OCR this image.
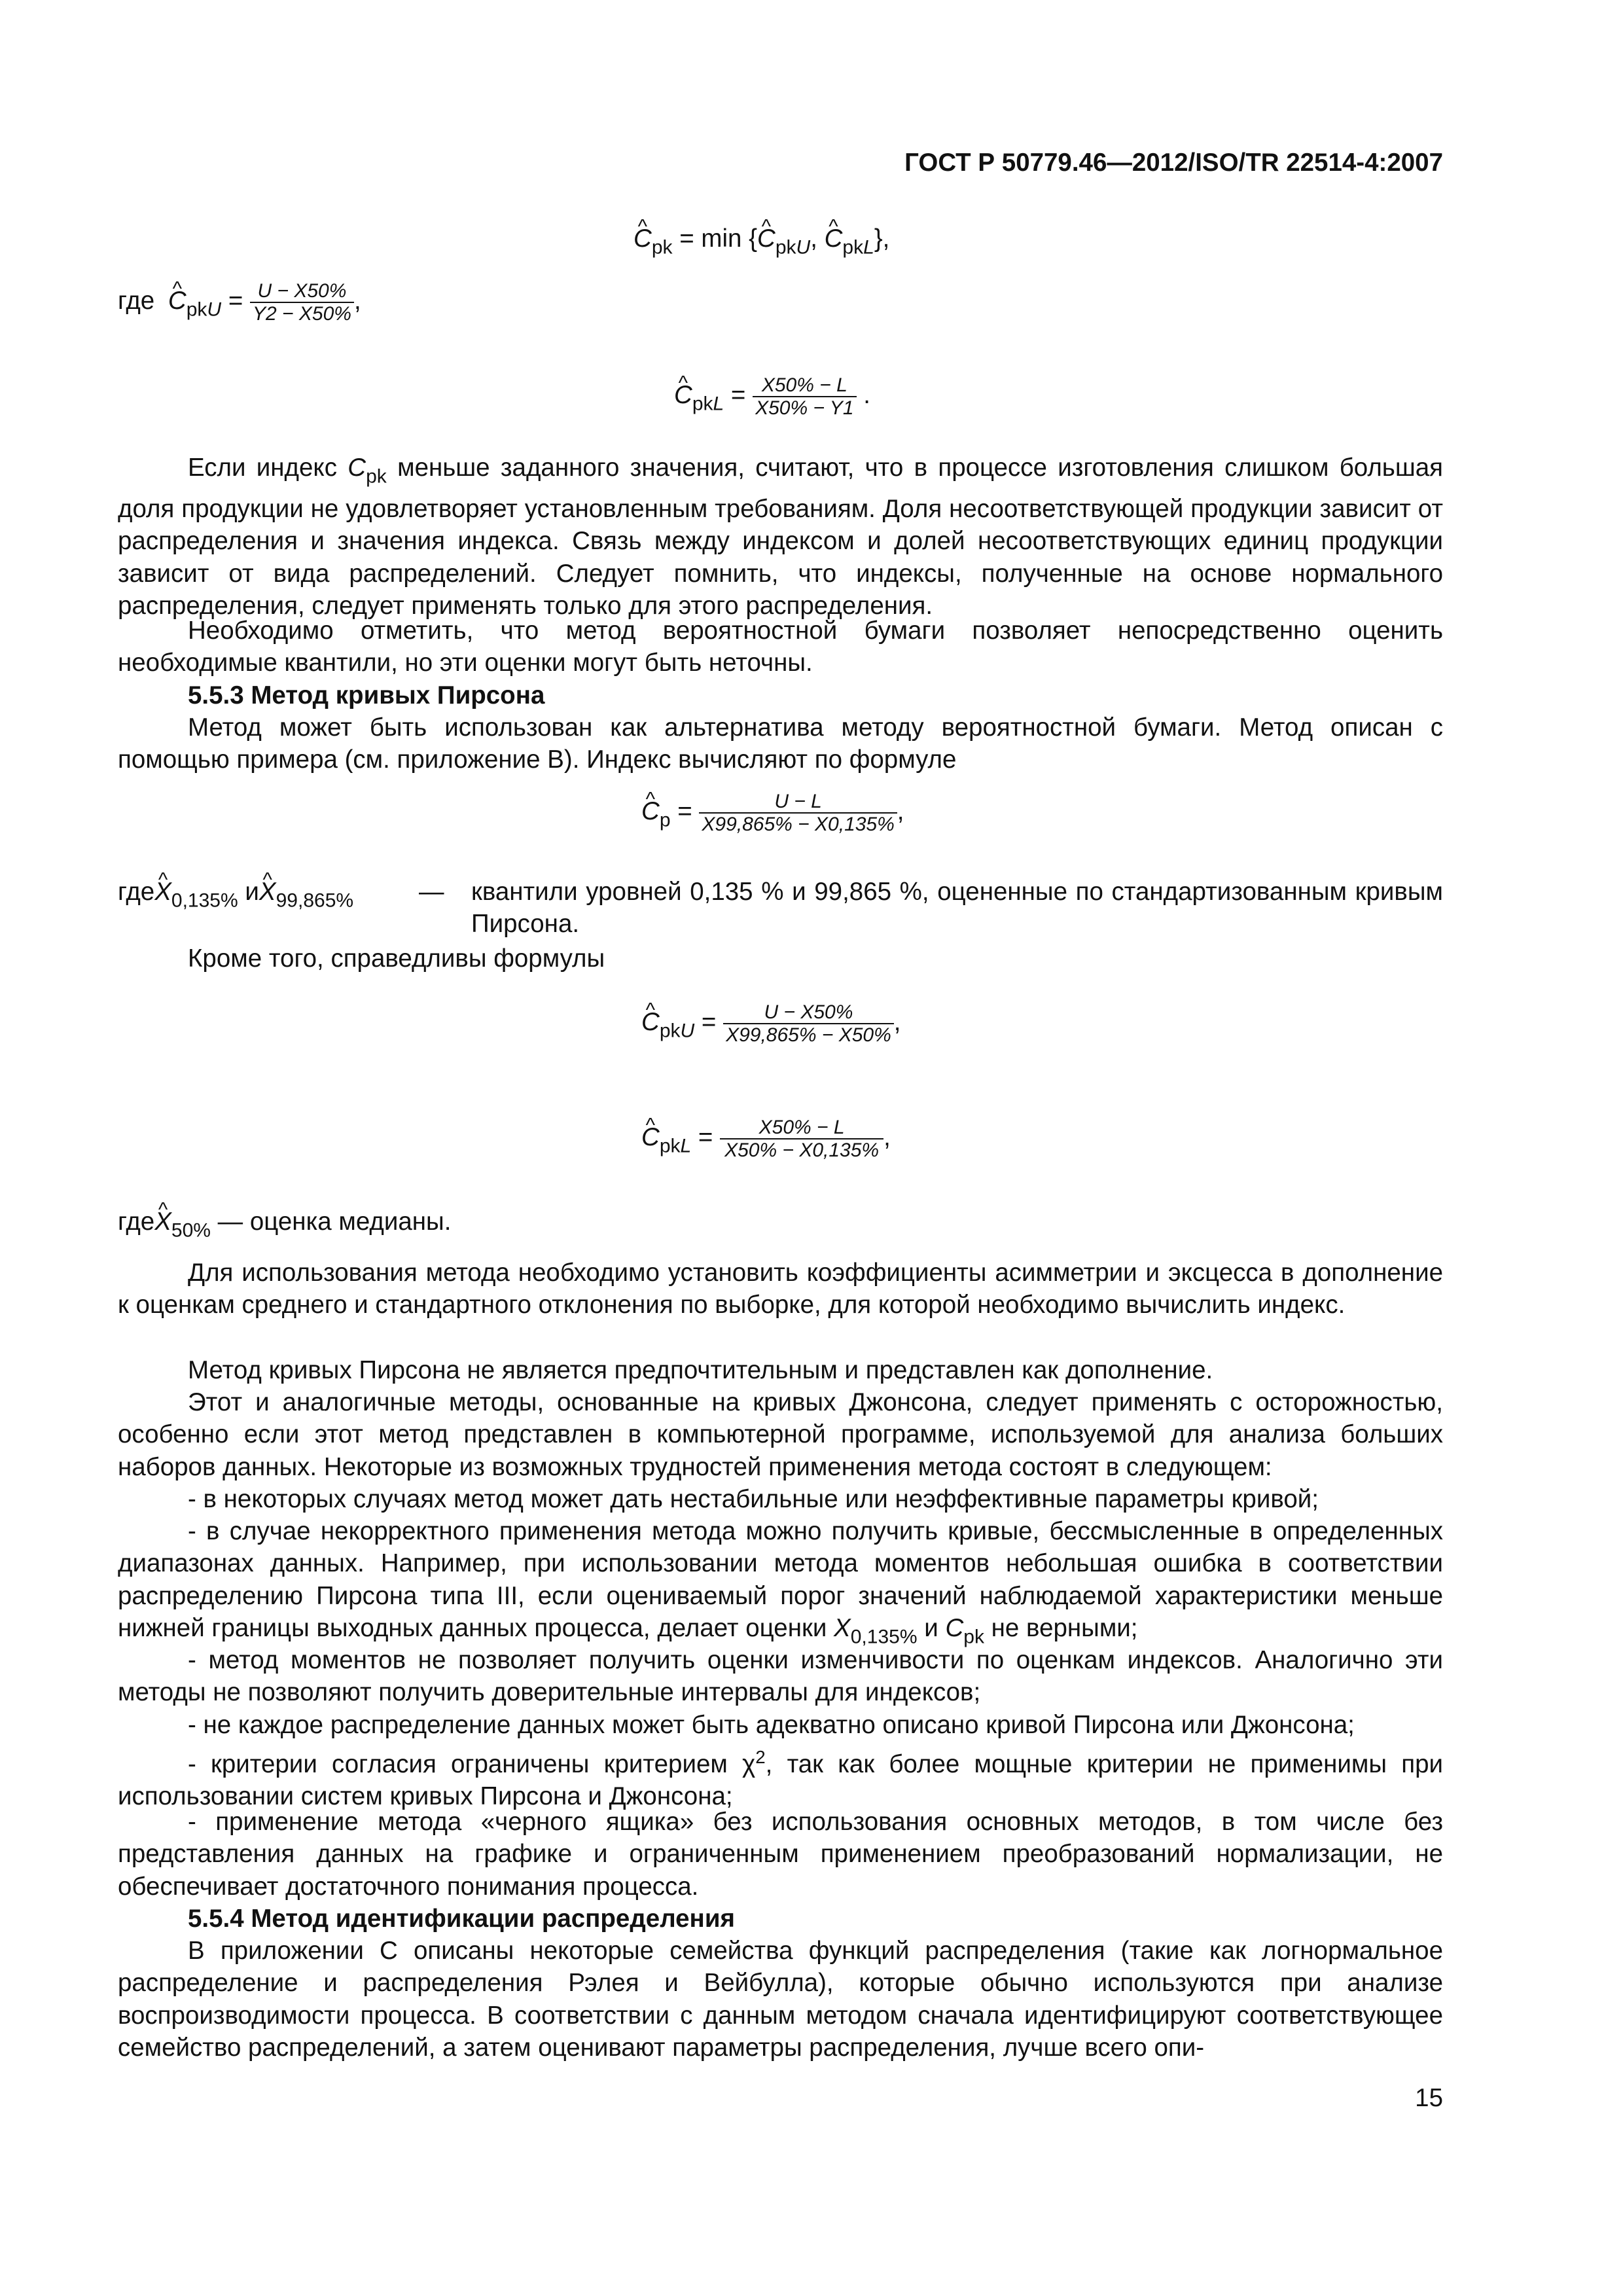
ГОСТ Р 50779.46—2012/ISO/TR 22514-4:2007
^ $C_{pk} = \min$ {^ $C_{pkU}$, ^ $C_{pkL}$},
где ^ $C_{pkU} = \frac{U - X50\%}{Y2 - X50\%}$ ,
^ $C_{pkL} = \frac{X50\% - L}{X50\% - Y1}$ .
Если индекс $C_{pk}$ меньше заданного значения, считают, что в процессе изготовления слишком большая доля продукции не удовлетворяет установленным требованиям. Доля несоответствующей продукции зависит от распределения и значения индекса. Связь между индексом и долей несоответствующих единиц продукции зависит от вида распределений. Следует помнить, что индексы, полученные на основе нормального распределения, следует применять только для этого распределения.
Необходимо отметить, что метод вероятностной бумаги позволяет непосредственно оценить необходимые квантили, но эти оценки могут быть неточны.
5.5.3 Метод кривых Пирсона
Метод может быть использован как альтернатива методу вероятностной бумаги. Метод описан с помощью примера (см. приложение B). Индекс вычисляют по формуле
^ $C_p = \frac{U - L}{X99,865\% - X0,135\%}$ ,
где^ $X_{0,135\%}$ и^ $X_{99,865\%}$	— квантили уровней 0,135 % и 99,865 %, оцененные по стандартизованным кривым Пирсона.
Кроме того, справедливы формулы
^ $C_{pkU} = \frac{U - X50\%}{X99,865\% - X50\%}$ ,
^ $C_{pkL} = \frac{X50\% - L}{X50\% - X0,135\%}$ ,
где^ $X_{50\%}$ — оценка медианы.
Для использования метода необходимо установить коэффициенты асимметрии и эксцесса в дополнение к оценкам среднего и стандартного отклонения по выборке, для которой необходимо вычислить индекс.
Метод кривых Пирсона не является предпочтительным и представлен как дополнение.
Этот и аналогичные методы, основанные на кривых Джонсона, следует применять с осторожностью, особенно если этот метод представлен в компьютерной программе, используемой для анализа больших наборов данных. Некоторые из возможных трудностей применения метода состоят в следующем:
- в некоторых случаях метод может дать нестабильные или неэффективные параметры кривой;
- в случае некорректного применения метода можно получить кривые, бессмысленные в определенных диапазонах данных. Например, при использовании метода моментов небольшая ошибка в соответствии распределению Пирсона типа III, если оцениваемый порог значений наблюдаемой характеристики меньше нижней границы выходных данных процесса, делает оценки $X_{0,135\%}$ и $C_{pk}$ не верными;
- метод моментов не позволяет получить оценки изменчивости по оценкам индексов. Аналогично эти методы не позволяют получить доверительные интервалы для индексов;
- не каждое распределение данных может быть адекватно описано кривой Пирсона или Джонсона;
- критерии согласия ограничены критерием $\chi^2$, так как более мощные критерии не применимы при использовании систем кривых Пирсона и Джонсона;
- применение метода «черного ящика» без использования основных методов, в том числе без представления данных на графике и ограниченным применением преобразований нормализации, не обеспечивает достаточного понимания процесса.
5.5.4 Метод идентификации распределения
В приложении C описаны некоторые семейства функций распределения (такие как логнормальное распределение и распределения Рэлея и Вейбулла), которые обычно используются при анализе воспроизводимости процесса. В соответствии с данным методом сначала идентифицируют соответствующее семейство распределений, а затем оценивают параметры распределения, лучше всего опи-
15
